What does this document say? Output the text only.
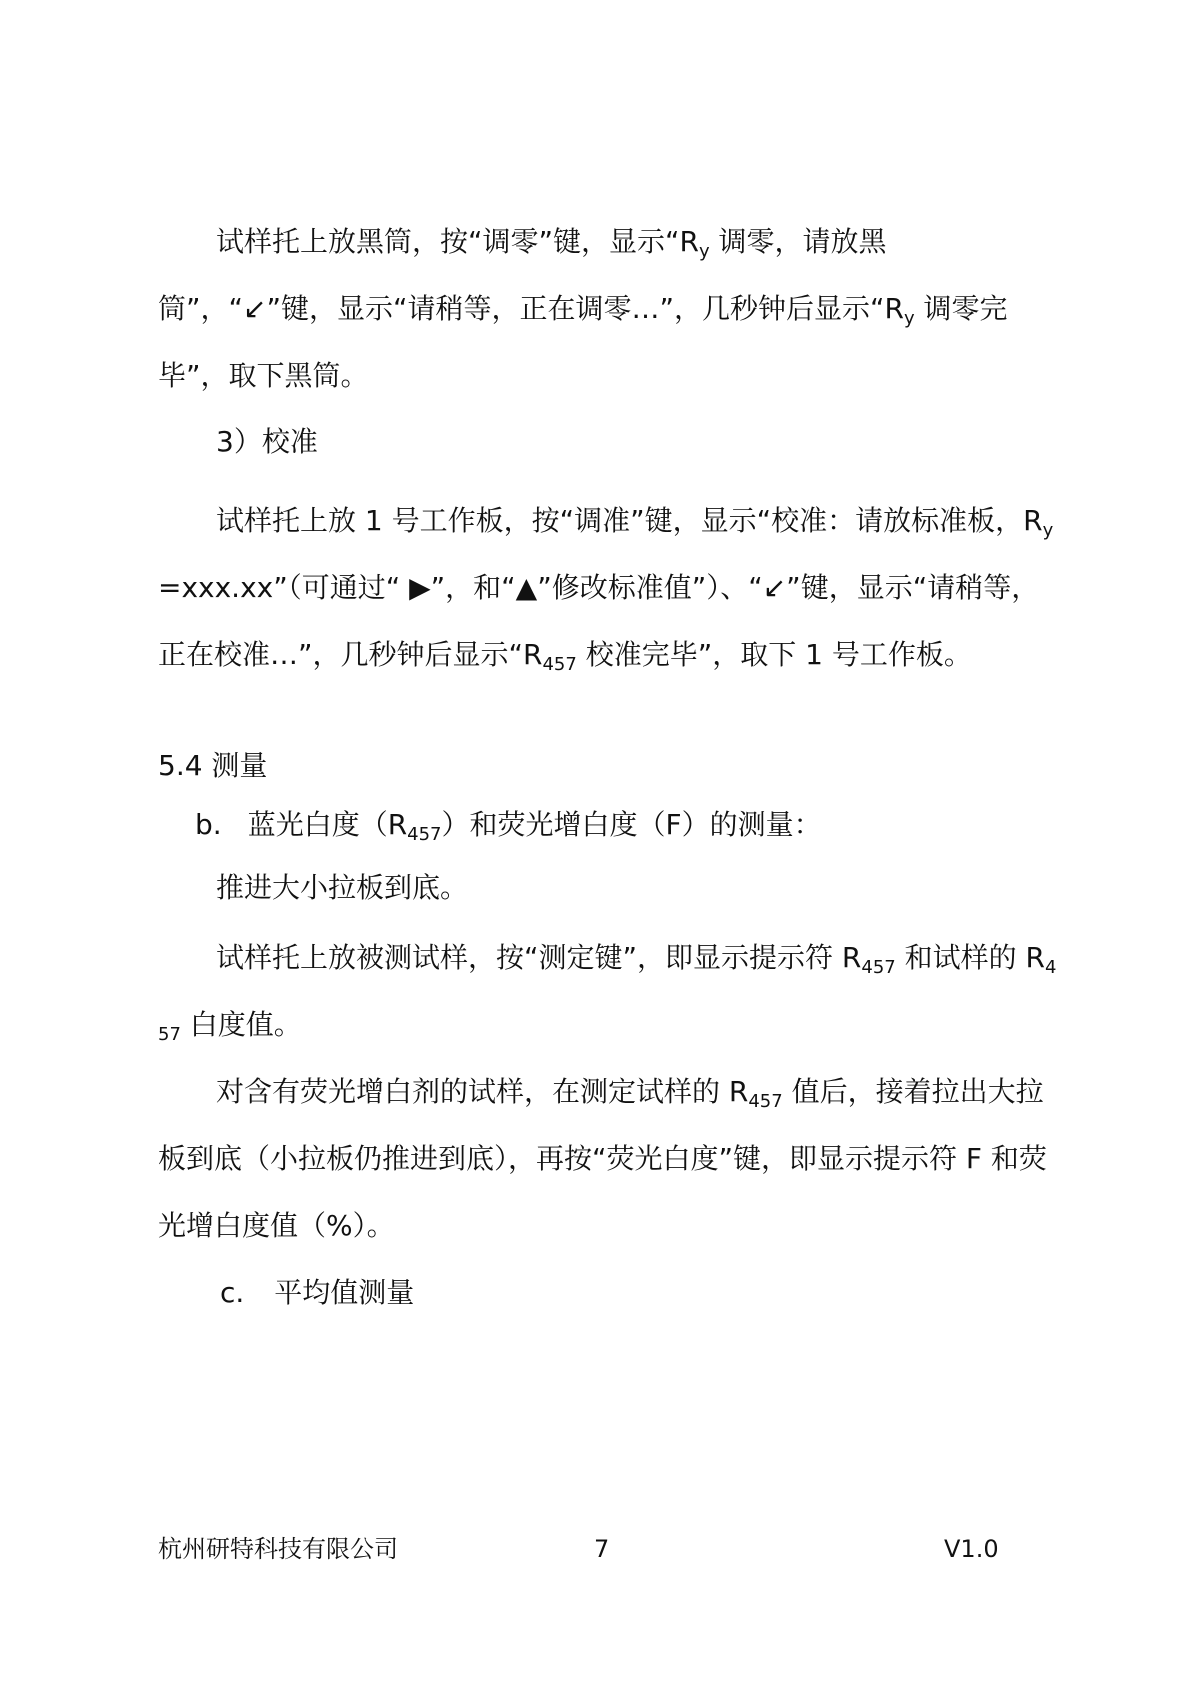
试样托上放黑筒，按“调零”键，显示“$R_y$ 调零，请放黑筒”，“↙”键，显示“请稍等，正在调零…”，几秒钟后显示“$R_y$ 调零完毕”，取下黑筒。

3）校准

试样托上放 1 号工作板，按“调准”键，显示“校准：请放标准板，$R_y=xxx.xx$”（可通过“ ▶”，和“▲”修改标准值”）、“↙”键，显示“请稍等，正在校准…”，几秒钟后显示“$R_{457}$ 校准完毕”，取下 1 号工作板。

5.4 测量
b. 蓝光白度$(R_{457})$和荧光增白度（F）的测量：
推进大小拉板到底。

试样托上放被测试样，按“测定键”，即显示提示符 $R_{457}$ 和试样的 $R_{457}$ 白度值。

对含有荧光增白剂的试样，在测定试样的 $R_{457}$ 值后，接着拉出大拉板到底（小拉板仍推进到底），再按“荧光白度”键，即显示提示符 F 和荧光增白度值（%）。

c. 平均值测量
杭州研特科技有限公司	7	V1.0
